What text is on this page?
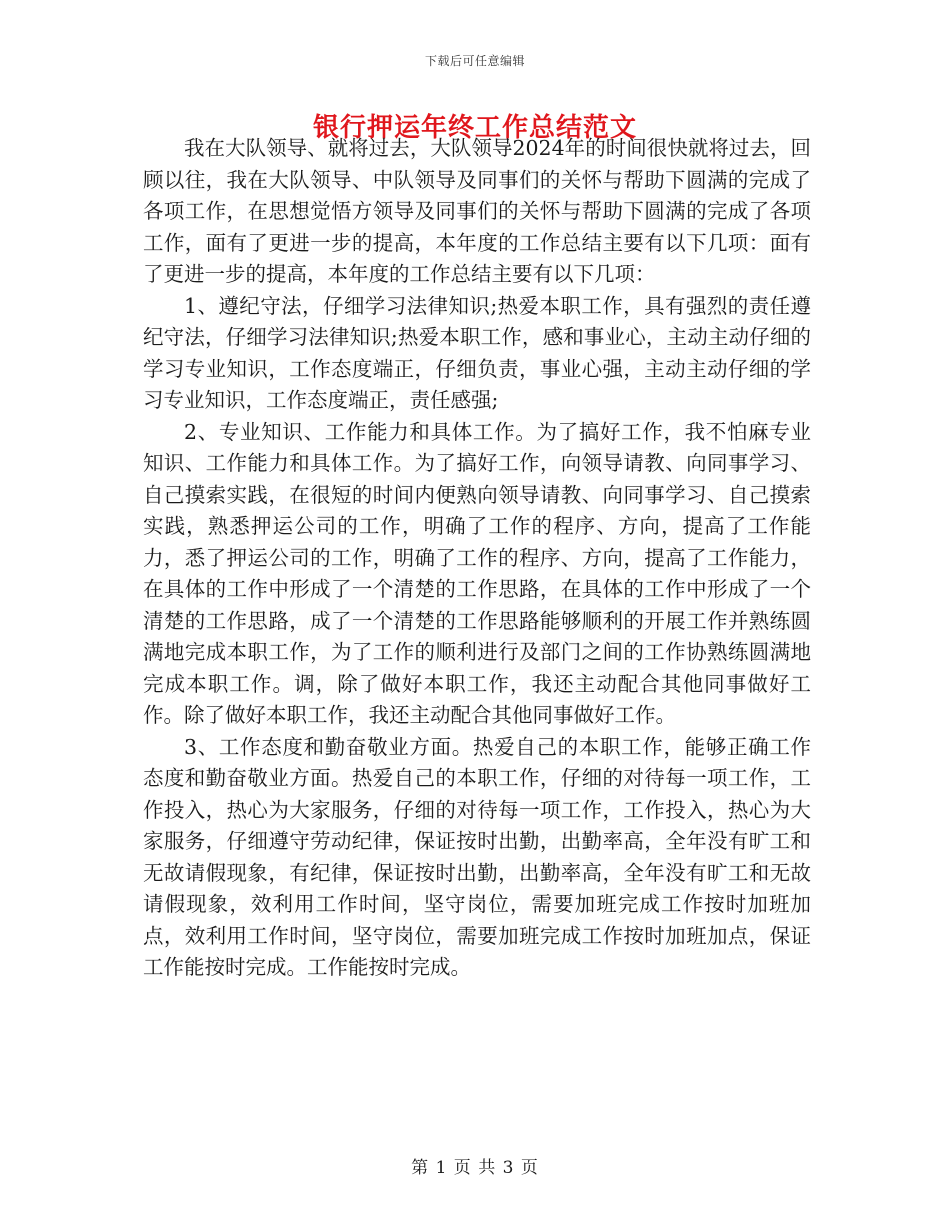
下载后可任意编辑
银行押运年终工作总结范文

我在大队领导、就将过去，大队领导2024年的时间很快就将过去，回顾以往，我在大队领导、中队领导及同事们的关怀与帮助下圆满的完成了各项工作，在思想觉悟方领导及同事们的关怀与帮助下圆满的完成了各项工作，面有了更进一步的提高，本年度的工作总结主要有以下几项：面有了更进一步的提高，本年度的工作总结主要有以下几项：

1、遵纪守法，仔细学习法律知识;热爱本职工作，具有强烈的责任遵纪守法，仔细学习法律知识;热爱本职工作，感和事业心，主动主动仔细的学习专业知识，工作态度端正，仔细负责，事业心强，主动主动仔细的学习专业知识，工作态度端正，责任感强;

2、专业知识、工作能力和具体工作。为了搞好工作，我不怕麻专业知识、工作能力和具体工作。为了搞好工作，向领导请教、向同事学习、自己摸索实践，在很短的时间内便熟向领导请教、向同事学习、自己摸索实践，熟悉押运公司的工作，明确了工作的程序、方向，提高了工作能力，悉了押运公司的工作，明确了工作的程序、方向，提高了工作能力，在具体的工作中形成了一个清楚的工作思路，在具体的工作中形成了一个清楚的工作思路，成了一个清楚的工作思路能够顺利的开展工作并熟练圆满地完成本职工作，为了工作的顺利进行及部门之间的工作协熟练圆满地完成本职工作。调，除了做好本职工作，我还主动配合其他同事做好工作。除了做好本职工作，我还主动配合其他同事做好工作。

3、工作态度和勤奋敬业方面。热爱自己的本职工作，能够正确工作态度和勤奋敬业方面。热爱自己的本职工作，仔细的对待每一项工作，工作投入，热心为大家服务，仔细的对待每一项工作，工作投入，热心为大家服务，仔细遵守劳动纪律，保证按时出勤，出勤率高，全年没有旷工和无故请假现象，有纪律，保证按时出勤，出勤率高，全年没有旷工和无故请假现象，效利用工作时间，坚守岗位，需要加班完成工作按时加班加点，效利用工作时间，坚守岗位，需要加班完成工作按时加班加点，保证工作能按时完成。工作能按时完成。

第 1 页 共 3 页
